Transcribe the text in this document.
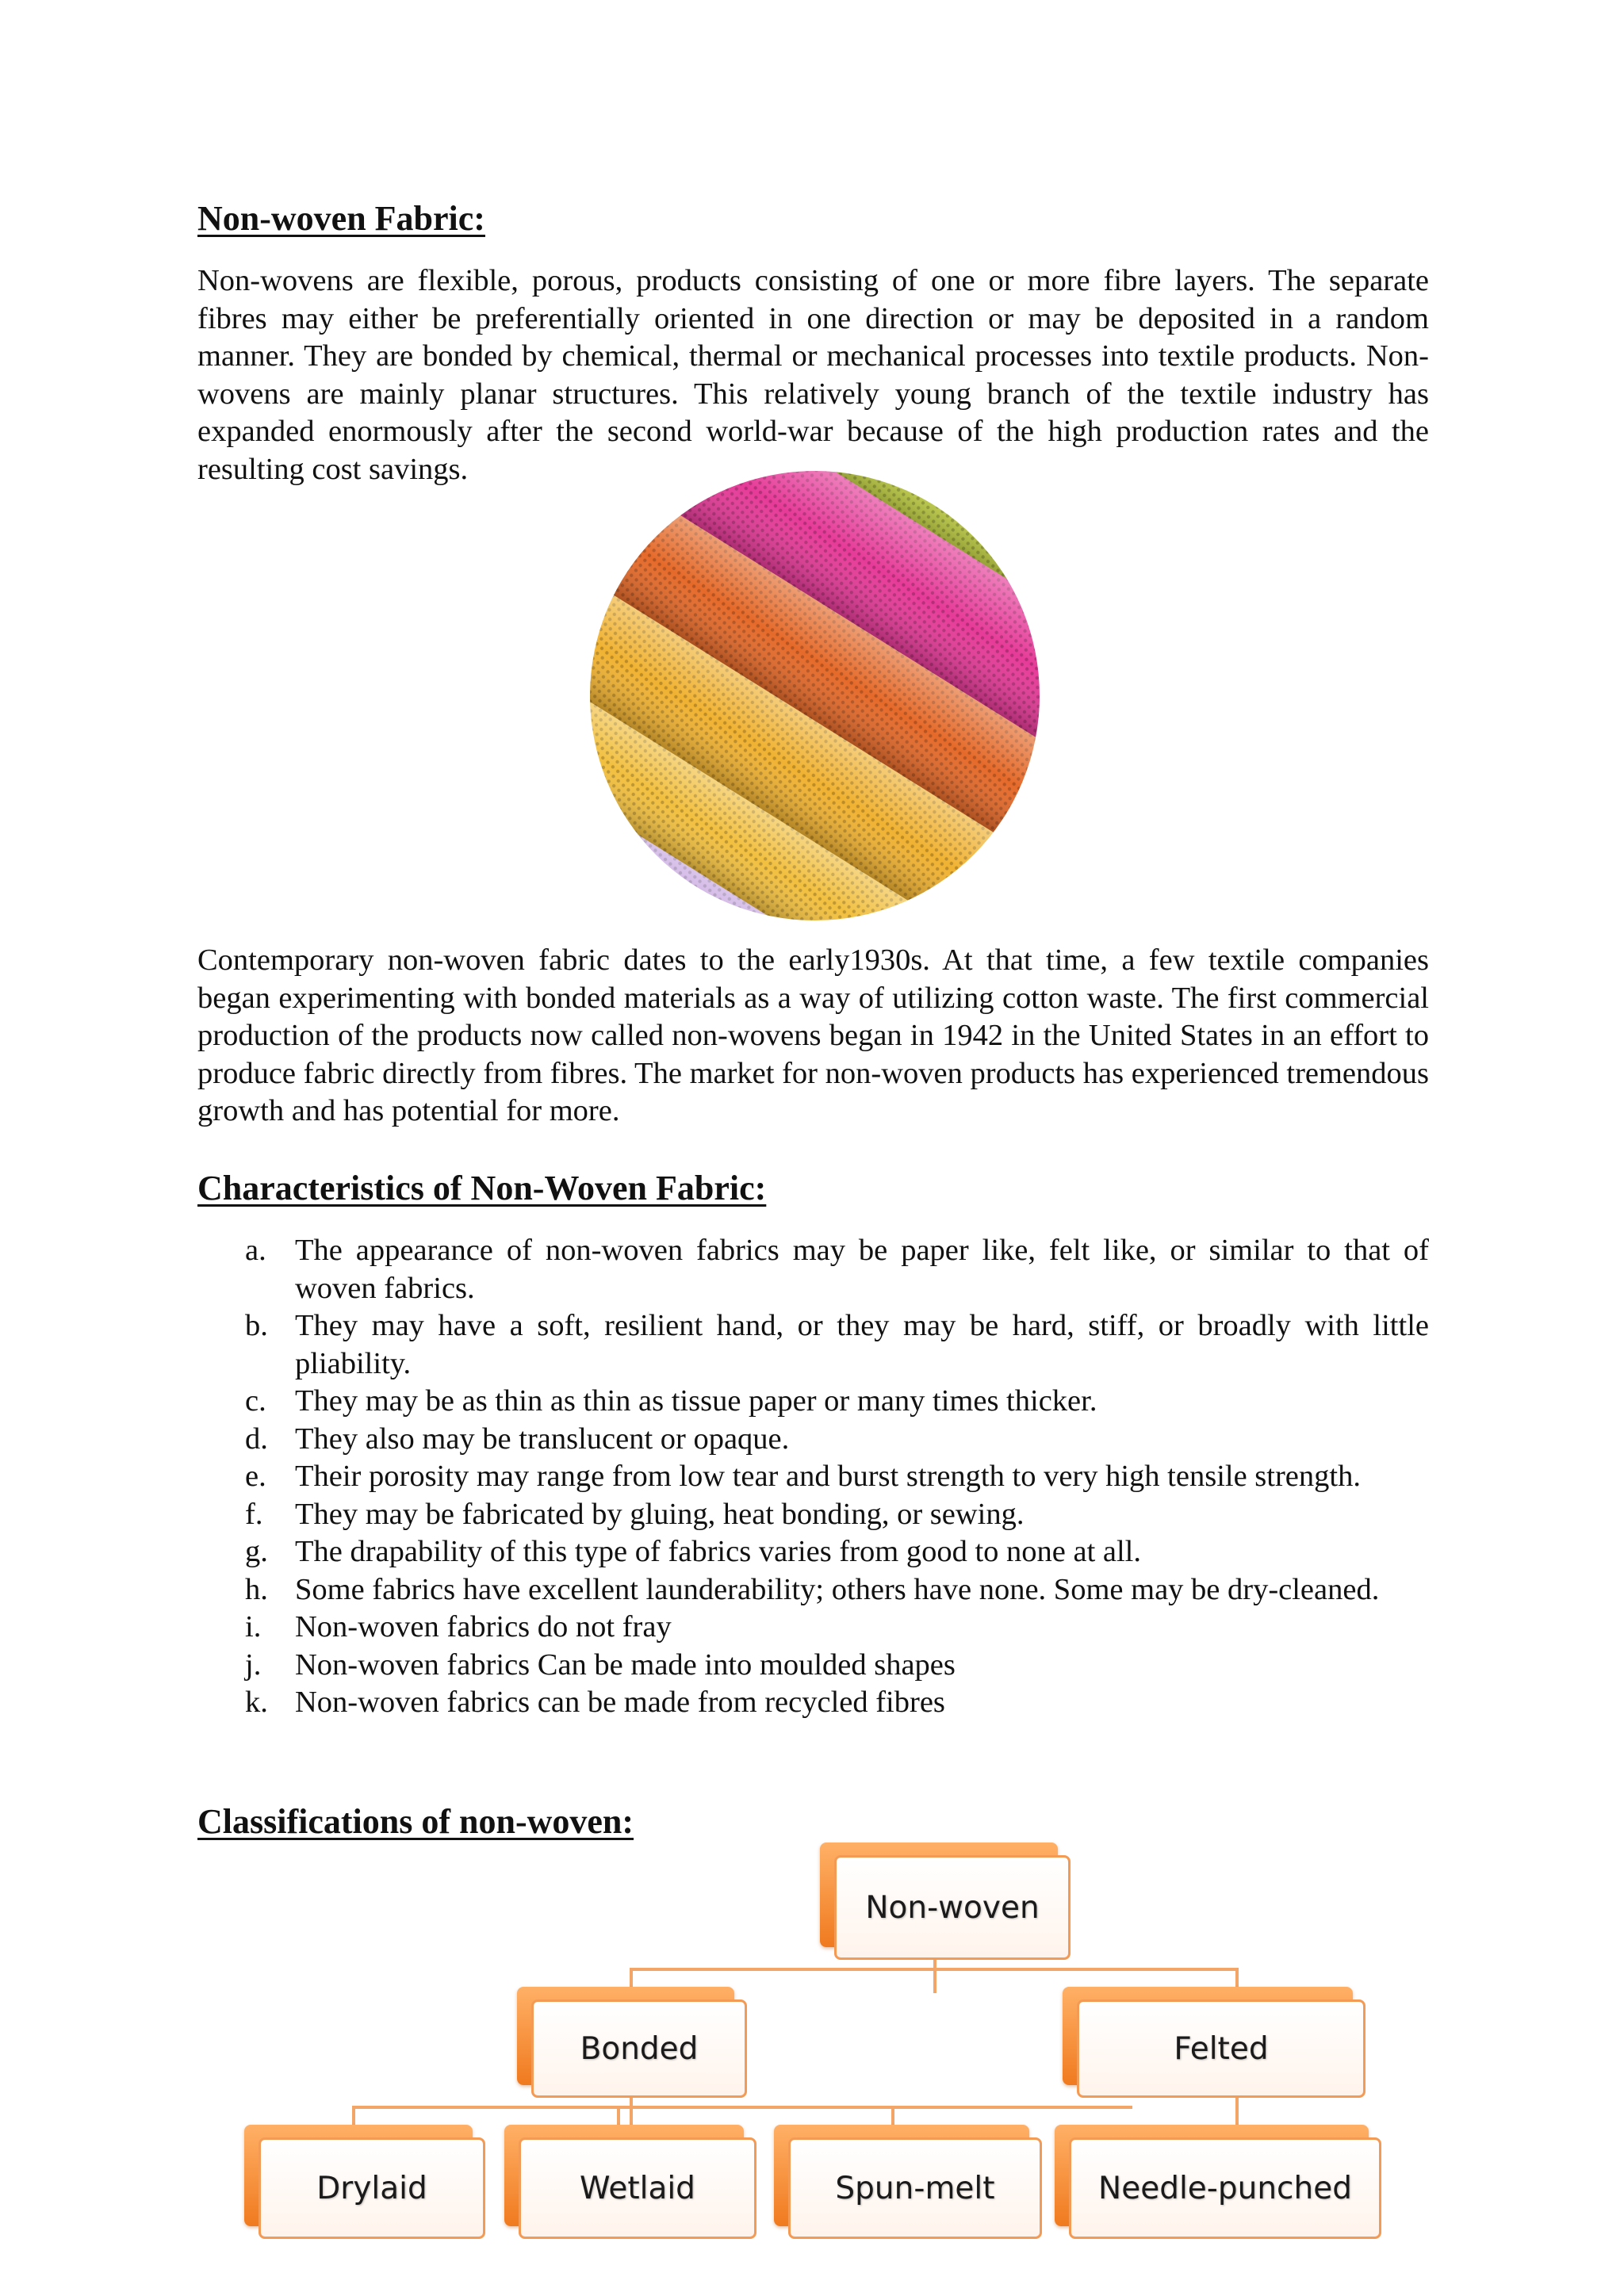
Non-woven Fabric:

Non-wovens are flexible, porous, products consisting of one or more fibre layers. The separate fibres may either be preferentially oriented in one direction or may be deposited in a random manner. They are bonded by chemical, thermal or mechanical processes into textile products. Non-wovens are mainly planar structures. This relatively young branch of the textile industry has expanded enormously after the second world-war because of the high production rates and the resulting cost savings.

Contemporary non-woven fabric dates to the early1930s. At that time, a few textile companies began experimenting with bonded materials as a way of utilizing cotton waste. The first commercial production of the products now called non-wovens began in 1942 in the United States in an effort to produce fabric directly from fibres. The market for non-woven products has experienced tremendous growth and has potential for more.

Characteristics of Non-Woven Fabric:
a. The appearance of non-woven fabrics may be paper like, felt like, or similar to that of woven fabrics.
b. They may have a soft, resilient hand, or they may be hard, stiff, or broadly with little pliability.
c. They may be as thin as thin as tissue paper or many times thicker.
d. They also may be translucent or opaque.
e. Their porosity may range from low tear and burst strength to very high tensile strength.
f. They may be fabricated by gluing, heat bonding, or sewing.
g. The drapability of this type of fabrics varies from good to none at all.
h. Some fabrics have excellent launderability; others have none. Some may be dry-cleaned.
i. Non-woven fabrics do not fray
j. Non-woven fabrics Can be made into moulded shapes
k. Non-woven fabrics can be made from recycled fibres
Classifications of non-woven:
Non-woven
Bonded	Felted
Drylaid	Wetlaid	Spun-melt	Needle-punched
